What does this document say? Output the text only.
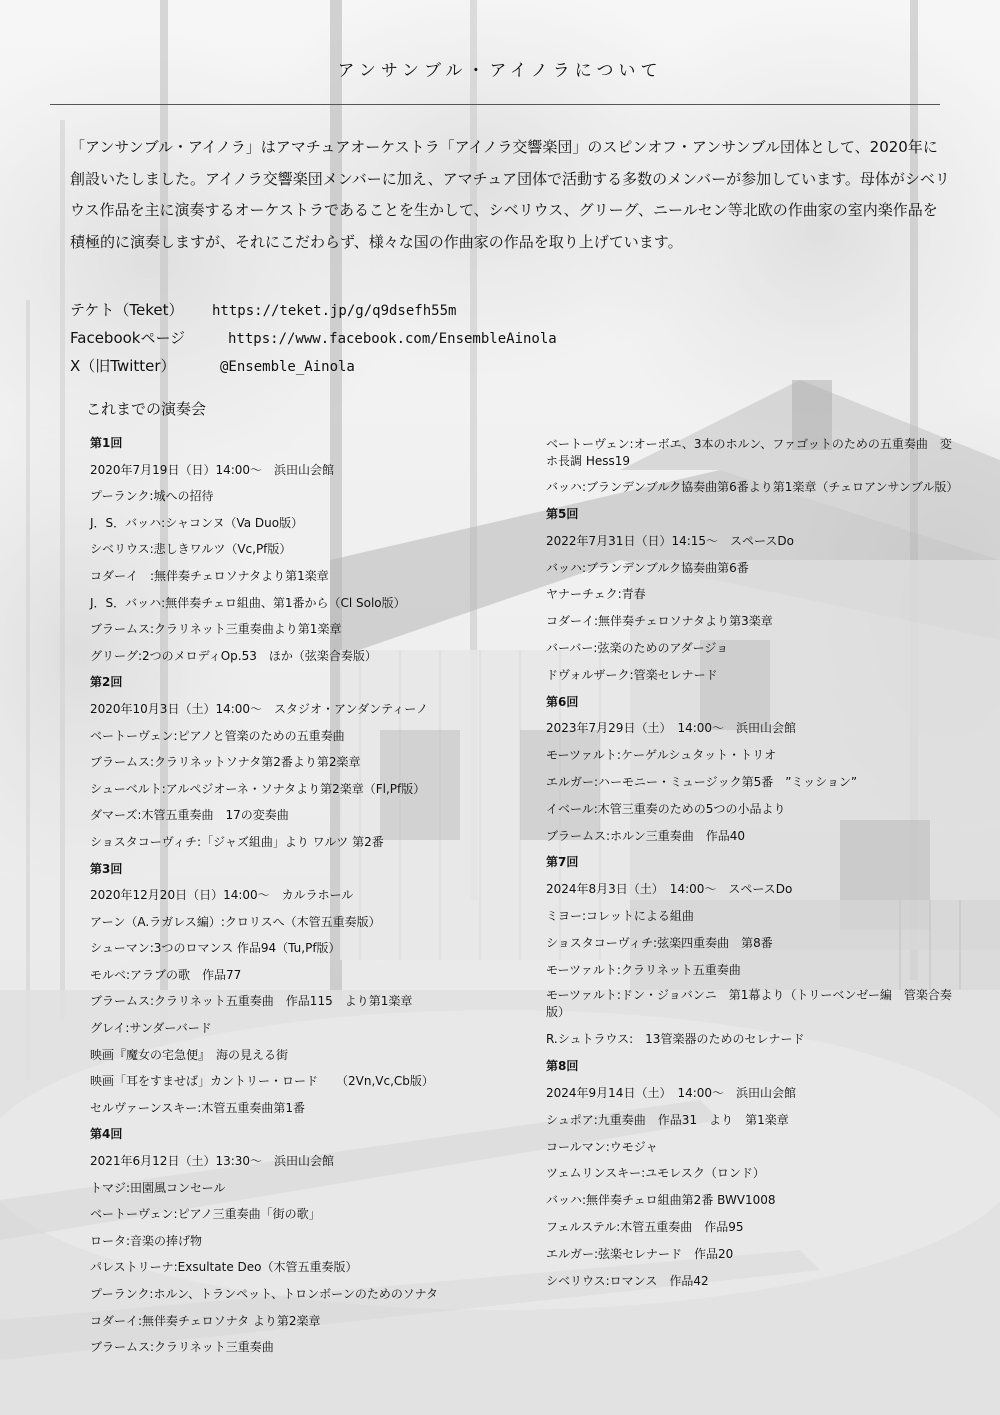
アンサンブル・アイノラについて

「アンサンブル・アイノラ」はアマチュアオーケストラ「アイノラ交響楽団」のスピンオフ・アンサンブル団体として、2020年に創設いたしました。アイノラ交響楽団メンバーに加え、アマチュア団体で活動する多数のメンバーが参加しています。母体がシベリウス作品を主に演奏するオーケストラであることを生かして、シベリウス、グリーグ、ニールセン等北欧の作曲家の室内楽作品を積極的に演奏しますが、それにこだわらず、様々な国の作曲家の作品を取り上げています。

テケト（Teket） https://teket.jp/g/q9dsefh55m
Facebookページ	https://www.facebook.com/EnsembleAinola
X（旧Twitter）	@Ensemble_Ainola
これまでの演奏会
第1回
2020年7月19日（日）14:00～　浜田山会館
プーランク:城への招待
J．S．バッハ:シャコンヌ（Va Duo版）
シベリウス:悲しきワルツ（Vc,Pf版）
コダーイ　:無伴奏チェロソナタより第1楽章
J．S．バッハ:無伴奏チェロ組曲、第1番から（Cl Solo版）
ブラームス:クラリネット三重奏曲より第1楽章
グリーグ:2つのメロディOp.53　ほか（弦楽合奏版）
第2回
2020年10月3日（土）14:00～　スタジオ・アンダンティーノ
ベートーヴェン:ピアノと管楽のための五重奏曲
ブラームス:クラリネットソナタ第2番より第2楽章
シューベルト:アルペジオーネ・ソナタより第2楽章（Fl,Pf版）
ダマーズ:木管五重奏曲　17の変奏曲
ショスタコーヴィチ:「ジャズ組曲」より ワルツ 第2番
第3回
2020年12月20日（日）14:00～　カルラホール
アーン（A.ラガレス編）:クロリスへ（木管五重奏版）
シューマン:3つのロマンス 作品94（Tu,Pf版）
モルベ:アラブの歌　作品77
ブラームス:クラリネット五重奏曲　作品115　より第1楽章
グレイ:サンダーバード
映画『魔女の宅急便』　海の見える街
映画「耳をすませば」カントリー・ロード　　（2Vn,Vc,Cb版）
セルヴァーンスキー:木管五重奏曲第1番
第4回
2021年6月12日（土）13:30～　浜田山会館
トマジ:田園風コンセール
ベートーヴェン:ピアノ三重奏曲「街の歌」
ロータ:音楽の捧げ物
パレストリーナ:Exsultate Deo（木管五重奏版）
プーランク:ホルン、トランペット、トロンボーンのためのソナタ
コダーイ:無伴奏チェロソナタ より第2楽章
ブラームス:クラリネット三重奏曲
ベートーヴェン:オーボエ、3本のホルン、ファゴットのための五重奏曲　変ホ長調 Hess19
バッハ:ブランデンブルク協奏曲第6番より第1楽章（チェロアンサンブル版）
第5回
2022年7月31日（日）14:15～　スペースDo
バッハ:ブランデンブルク協奏曲第6番
ヤナーチェク:青春
コダーイ:無伴奏チェロソナタより第3楽章
バーバー:弦楽のためのアダージョ
ドヴォルザーク:管楽セレナード
第6回
2023年7月29日（土）　14:00～　浜田山会館
モーツァルト:ケーゲルシュタット・トリオ
エルガー:ハーモニー・ミュージック第5番　”ミッション”
イベール:木管三重奏のための5つの小品より
ブラームス:ホルン三重奏曲　作品40
第7回
2024年8月3日（土）　14:00～　スペースDo
ミヨー:コレットによる組曲
ショスタコーヴィチ:弦楽四重奏曲　第8番
モーツァルト:クラリネット五重奏曲
モーツァルト:ドン・ジョバンニ　第1幕より（トリーベンゼー編　管楽合奏版）
R.シュトラウス:　13管楽器のためのセレナード
第8回
2024年9月14日（土）　14:00～　浜田山会館
シュポア:九重奏曲　作品31　より　第1楽章
コールマン:ウモジャ
ツェムリンスキー:ユモレスク（ロンド）
バッハ:無伴奏チェロ組曲第2番 BWV1008
フェルステル:木管五重奏曲　作品95
エルガー:弦楽セレナード　作品20
シベリウス:ロマンス　作品42
